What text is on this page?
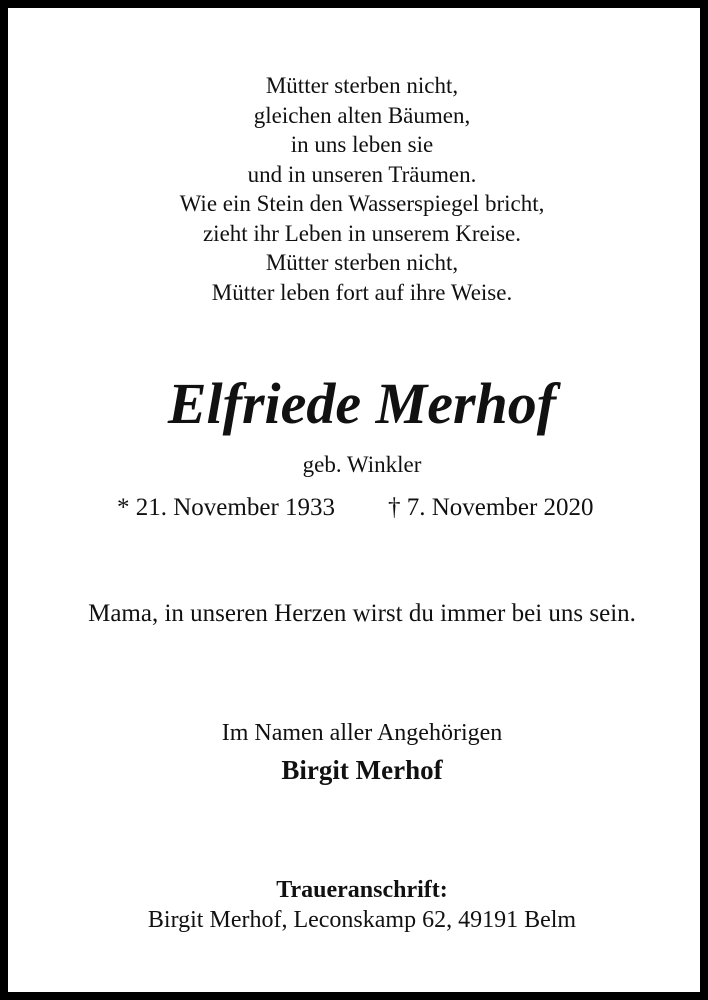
Mütter sterben nicht,
gleichen alten Bäumen,
in uns leben sie
und in unseren Träumen.
Wie ein Stein den Wasserspiegel bricht,
zieht ihr Leben in unserem Kreise.
Mütter sterben nicht,
Mütter leben fort auf ihre Weise.
Elfriede Merhof
geb. Winkler
* 21. November 1933 † 7. November 2020
Mama, in unseren Herzen wirst du immer bei uns sein.
Im Namen aller Angehörigen
Birgit Merhof
Traueranschrift:
Birgit Merhof, Leconskamp 62, 49191 Belm
